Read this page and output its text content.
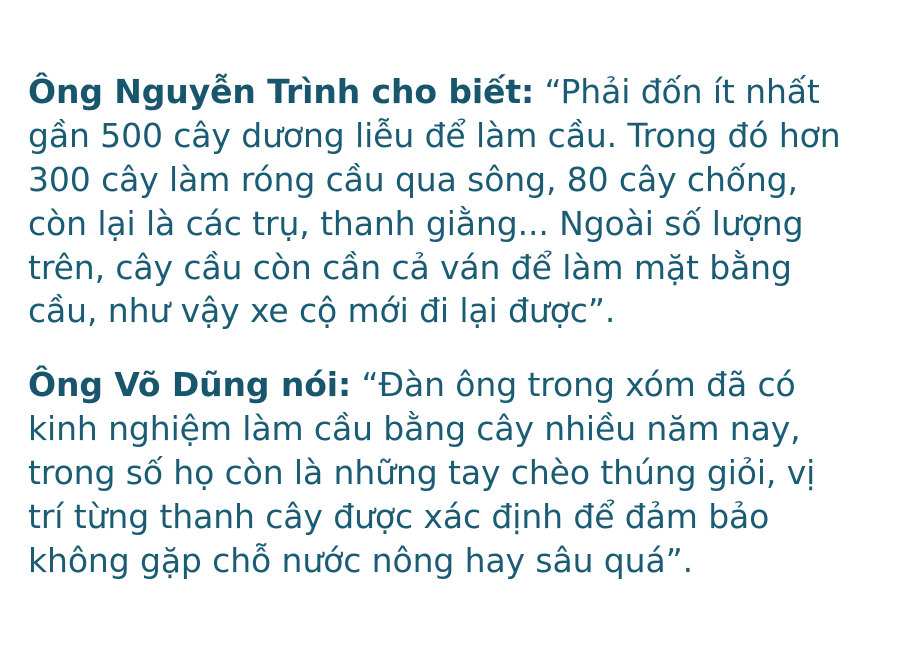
Ông Nguyễn Trình cho biết: “Phải đốn ít nhất gần 500 cây dương liễu để làm cầu. Trong đó hơn 300 cây làm róng cầu qua sông, 80 cây chống, còn lại là các trụ, thanh giằng... Ngoài số lượng trên, cây cầu còn cần cả ván để làm mặt bằng cầu, như vậy xe cộ mới đi lại được”.

Ông Võ Dũng nói: “Đàn ông trong xóm đã có kinh nghiệm làm cầu bằng cây nhiều năm nay, trong số họ còn là những tay chèo thúng giỏi, vị trí từng thanh cây được xác định để đảm bảo không gặp chỗ nước nông hay sâu quá”.
